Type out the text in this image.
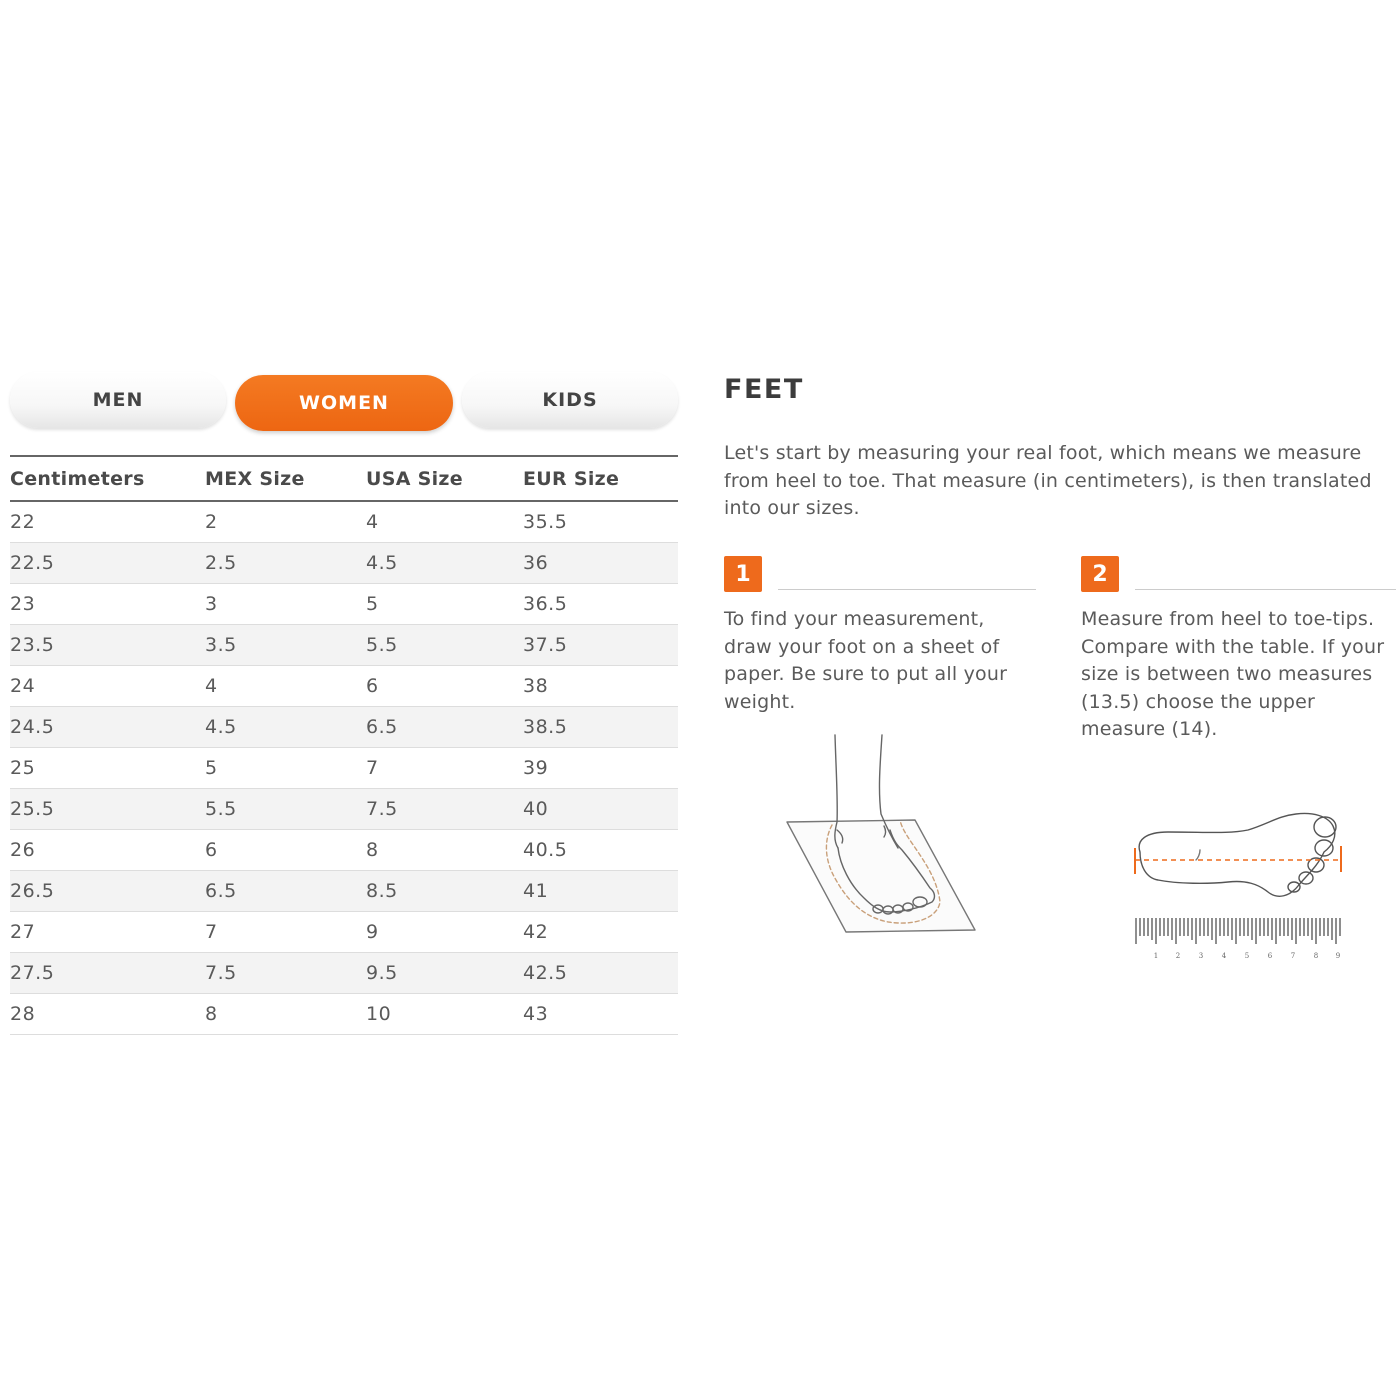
MEN	WOMEN	KIDS
Centimeters	MEX Size	USA Size	EUR Size
22	2	4	35.5
22.5	2.5	4.5	36
23	3	5	36.5
23.5	3.5	5.5	37.5
24	4	6	38
24.5	4.5	6.5	38.5
25	5	7	39
25.5	5.5	7.5	40
26	6	8	40.5
26.5	6.5	8.5	41
27	7	9	42
27.5	7.5	9.5	42.5
28	8	10	43
FEET
Let's start by measuring your real foot, which means we measure from heel to toe. That measure (in centimeters), is then translated into our sizes.
1
To find your measurement, draw your foot on a sheet of paper. Be sure to put all your weight.
2
Measure from heel to toe-tips. Compare with the table. If your size is between two measures (13.5) choose the upper measure (14).
1	2	3	4	5	6	7	8	9
